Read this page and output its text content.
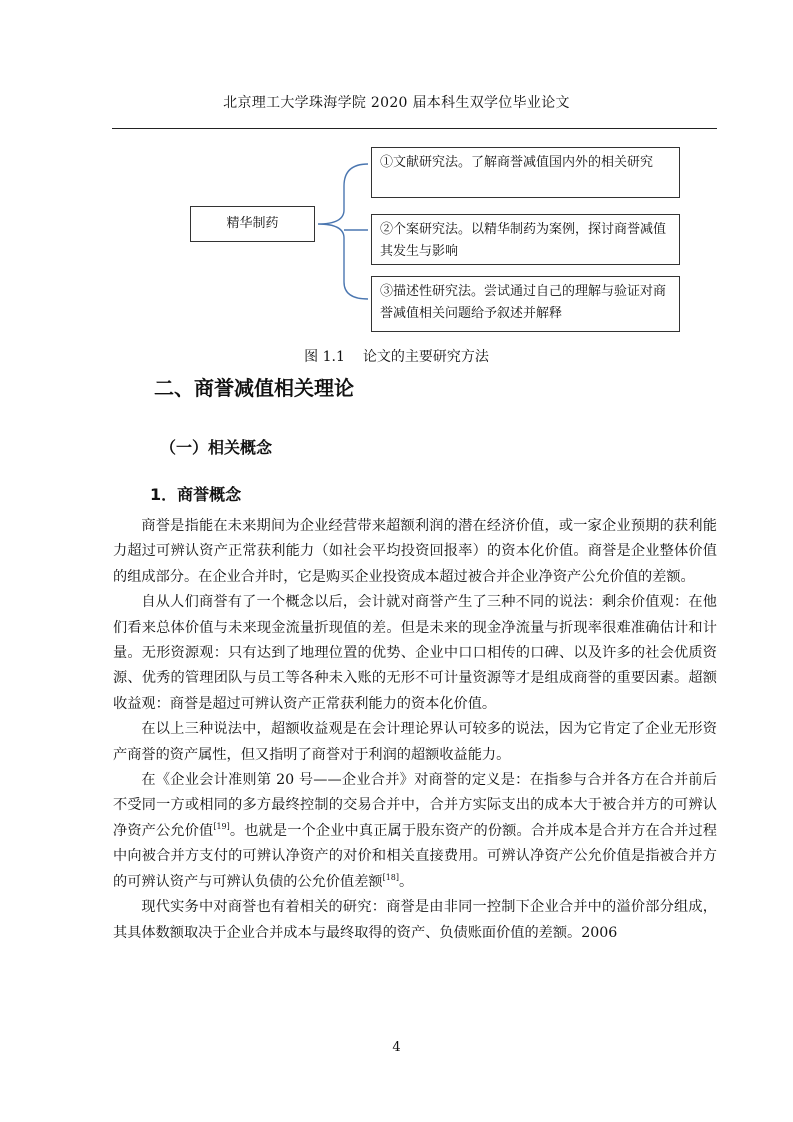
北京理工大学珠海学院 2020 届本科生双学位毕业论文
精华制药
①文献研究法。了解商誉减值国内外的相关研究
②个案研究法。以精华制药为案例，探讨商誉减值其发生与影响
③描述性研究法。尝试通过自己的理解与验证对商誉减值相关问题给予叙述并解释
图 1.1 论文的主要研究方法
二、商誉减值相关理论
（一）相关概念
1．商誉概念

商誉是指能在未来期间为企业经营带来超额利润的潜在经济价值，或一家企业预期的获利能力超过可辨认资产正常获利能力（如社会平均投资回报率）的资本化价值。商誉是企业整体价值的组成部分。在企业合并时，它是购买企业投资成本超过被合并企业净资产公允价值的差额。

自从人们商誉有了一个概念以后，会计就对商誉产生了三种不同的说法：剩余价值观：在他们看来总体价值与未来现金流量折现值的差。但是未来的现金净流量与折现率很难准确估计和计量。无形资源观：只有达到了地理位置的优势、企业中口口相传的口碑、以及许多的社会优质资源、优秀的管理团队与员工等各种未入账的无形不可计量资源等才是组成商誉的重要因素。超额收益观：商誉是超过可辨认资产正常获利能力的资本化价值。

在以上三种说法中，超额收益观是在会计理论界认可较多的说法，因为它肯定了企业无形资产商誉的资产属性，但又指明了商誉对于利润的超额收益能力。

在《企业会计准则第 20 号——企业合并》对商誉的定义是：在指参与合并各方在合并前后不受同一方或相同的多方最终控制的交易合并中，合并方实际支出的成本大于被合并方的可辨认净资产公允价值[19]。也就是一个企业中真正属于股东资产的份额。合并成本是合并方在合并过程中向被合并方支付的可辨认净资产的对价和相关直接费用。可辨认净资产公允价值是指被合并方的可辨认资产与可辨认负债的公允价值差额[18]。

现代实务中对商誉也有着相关的研究：商誉是由非同一控制下企业合并中的溢价部分组成，其具体数额取决于企业合并成本与最终取得的资产、负债账面价值的差额。2006

4
